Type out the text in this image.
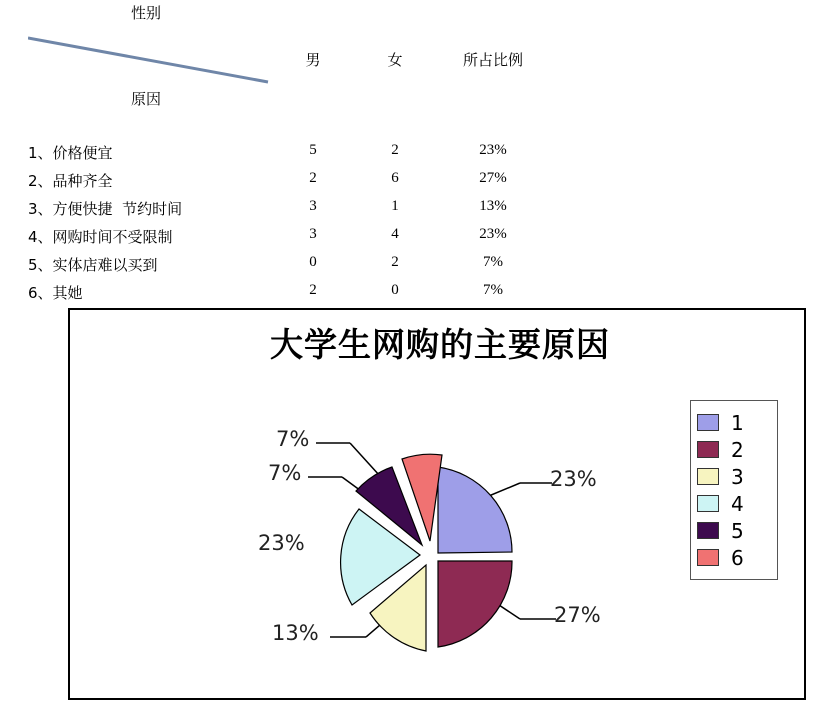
性别
原因
男	女	所占比例
1、价格便宜	5	2	23%
2、品种齐全	2	6	27%
3、方便快捷  节约时间	3	1	13%
4、网购时间不受限制	3	4	23%
5、实体店难以买到	0	2	7%
6、其她	2	0	7%
大学生网购的主要原因
23%
27%
13%
23%
7%
7%
1
2
3
4
5
6
